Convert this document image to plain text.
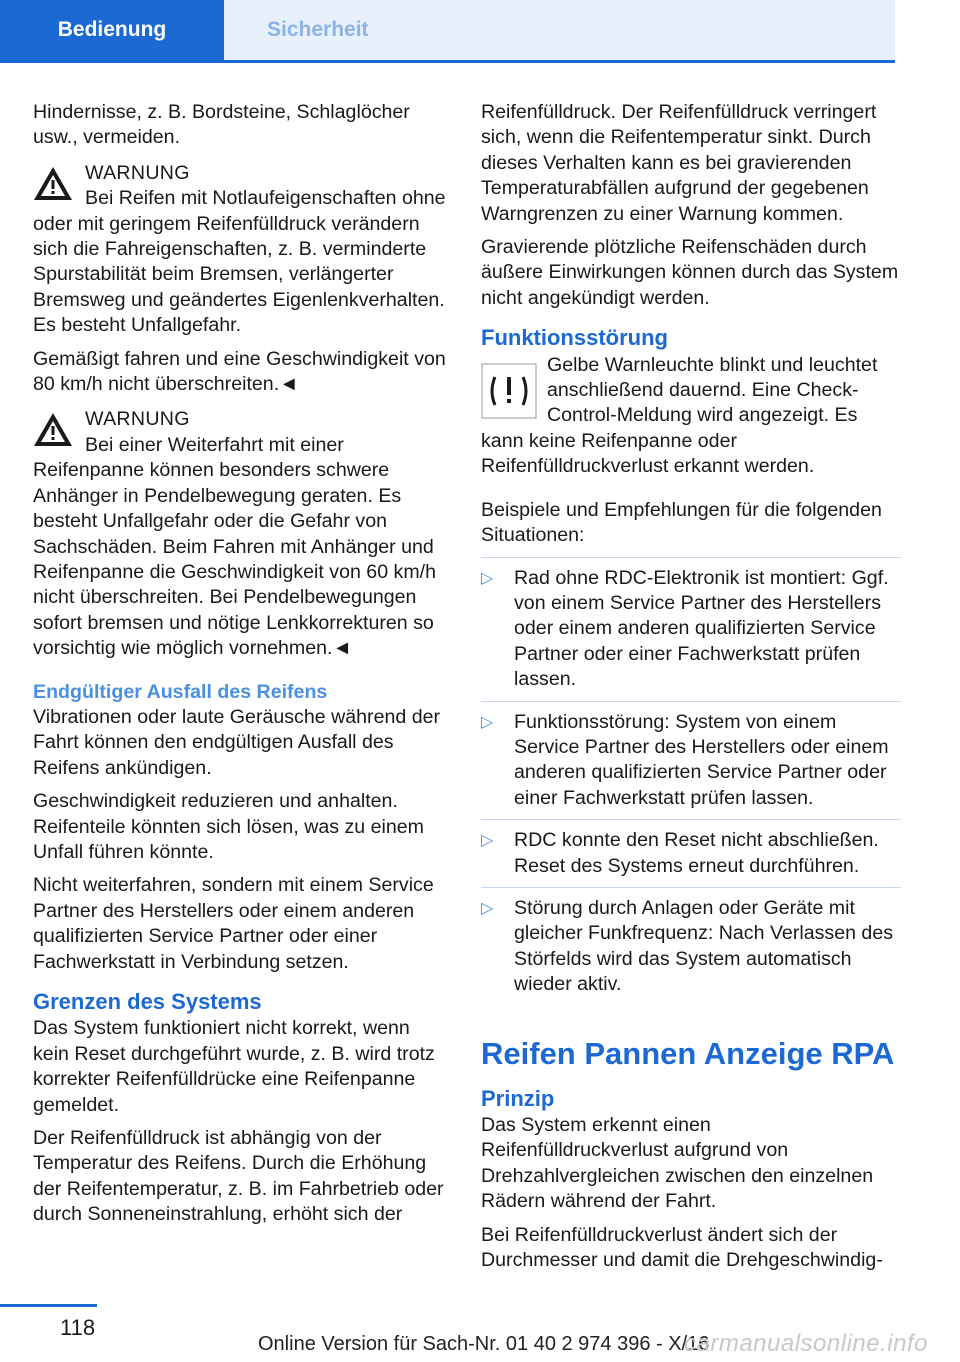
Bedienung	Sicherheit

Hindernisse, z. B. Bordsteine, Schlaglöcher usw., vermeiden.

WARNUNG
Bei Reifen mit Notlaufeigenschaften ohne oder mit geringem Reifenfülldruck verändern sich die Fahreigenschaften, z. B. verminderte Spurstabilität beim Bremsen, verlängerter Bremsweg und geändertes Eigenlenkverhalten. Es besteht Unfallgefahr.

Gemäßigt fahren und eine Geschwindigkeit von 80 km/h nicht überschreiten.◄

WARNUNG
Bei einer Weiterfahrt mit einer Reifenpanne können besonders schwere Anhänger in Pendelbewegung geraten. Es besteht Unfallgefahr oder die Gefahr von Sachschäden. Beim Fahren mit Anhänger und Reifenpanne die Geschwindigkeit von 60 km/h nicht überschreiten. Bei Pendelbewegungen sofort bremsen und nötige Lenkkorrekturen so vorsichtig wie möglich vornehmen.◄
Endgültiger Ausfall des Reifens

Vibrationen oder laute Geräusche während der Fahrt können den endgültigen Ausfall des Reifens ankündigen.

Geschwindigkeit reduzieren und anhalten. Reifenteile könnten sich lösen, was zu einem Unfall führen könnte.

Nicht weiterfahren, sondern mit einem Service Partner des Herstellers oder einem anderen qualifizierten Service Partner oder einer Fachwerkstatt in Verbindung setzen.

Grenzen des Systems

Das System funktioniert nicht korrekt, wenn kein Reset durchgeführt wurde, z. B. wird trotz korrekter Reifenfülldrücke eine Reifenpanne gemeldet.

Der Reifenfülldruck ist abhängig von der Temperatur des Reifens. Durch die Erhöhung der Reifentemperatur, z. B. im Fahrbetrieb oder durch Sonneneinstrahlung, erhöht sich der

Reifenfülldruck. Der Reifenfülldruck verringert sich, wenn die Reifentemperatur sinkt. Durch dieses Verhalten kann es bei gravierenden Temperaturabfällen aufgrund der gegebenen Warngrenzen zu einer Warnung kommen.

Gravierende plötzliche Reifenschäden durch äußere Einwirkungen können durch das System nicht angekündigt werden.

Funktionsstörung

Gelbe Warnleuchte blinkt und leuchtet anschließend dauernd. Eine Check-Control-Meldung wird angezeigt. Es kann keine Reifenpanne oder Reifenfülldruckverlust erkannt werden.

Beispiele und Empfehlungen für die folgenden Situationen:

▷ Rad ohne RDC-Elektronik ist montiert: Ggf. von einem Service Partner des Herstellers oder einem anderen qualifizierten Service Partner oder einer Fachwerkstatt prüfen lassen.
▷ Funktionsstörung: System von einem Service Partner des Herstellers oder einem anderen qualifizierten Service Partner oder einer Fachwerkstatt prüfen lassen.
▷ RDC konnte den Reset nicht abschließen. Reset des Systems erneut durchführen.
▷ Störung durch Anlagen oder Geräte mit gleicher Funkfrequenz: Nach Verlassen des Störfelds wird das System automatisch wieder aktiv.
Reifen Pannen Anzeige RPA
Prinzip

Das System erkennt einen Reifenfülldruckverlust aufgrund von Drehzahlvergleichen zwischen den einzelnen Rädern während der Fahrt.

Bei Reifenfülldruckverlust ändert sich der Durchmesser und damit die Drehgeschwindig-

118
Online Version für Sach-Nr. 01 40 2 974 396 - X/16
carmanualsonline.info
